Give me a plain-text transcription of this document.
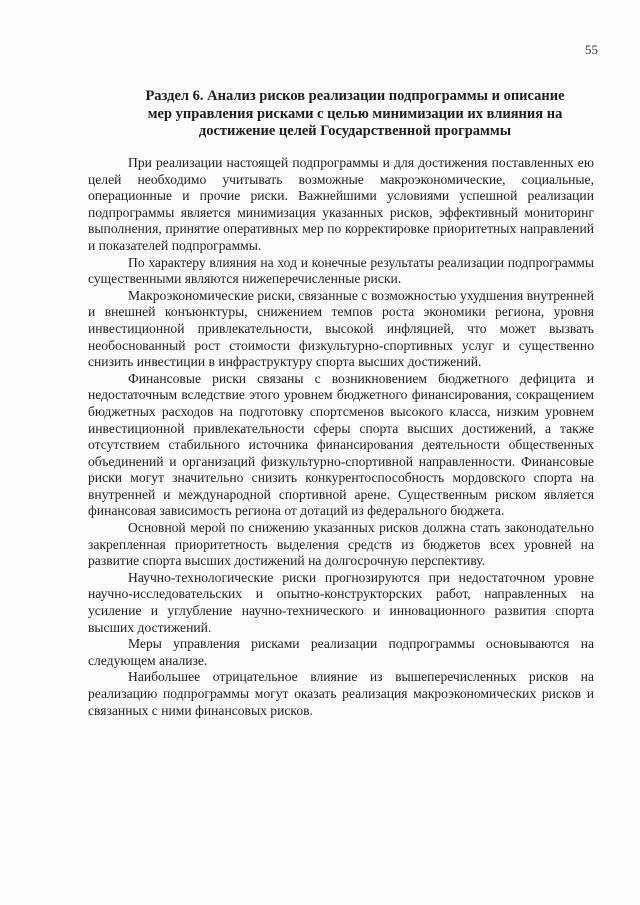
55
Раздел 6. Анализ рисков реализации подпрограммы и описание
мер управления рисками с целью минимизации их влияния на
достижение целей Государственной программы

При реализации настоящей подпрограммы и для достижения поставленных ею целей необходимо учитывать возможные макроэкономические, социальные, операционные и прочие риски. Важнейшими условиями успешной реализации подпрограммы является минимизация указанных рисков, эффективный мониторинг выполнения, принятие оперативных мер по корректировке приоритетных направлений и показателей подпрограммы.

По характеру влияния на ход и конечные результаты реализации подпрограммы существенными являются нижеперечисленные риски.

Макроэкономические риски, связанные с возможностью ухудшения внутренней и внешней конъюнктуры, снижением темпов роста экономики региона, уровня инвестиционной привлекательности, высокой инфляцией, что может вызвать необоснованный рост стоимости физкультурно-спортивных услуг и существенно снизить инвестиции в инфраструктуру спорта высших достижений.

Финансовые риски связаны с возникновением бюджетного дефицита и недостаточным вследствие этого уровнем бюджетного финансирования, сокращением бюджетных расходов на подготовку спортсменов высокого класса, низким уровнем инвестиционной привлекательности сферы спорта высших достижений, а также отсутствием стабильного источника финансирования деятельности общественных объединений и организаций физкультурно-спортивной направленности. Финансовые риски могут значительно снизить конкурентоспособность мордовского спорта на внутренней и международной спортивной арене. Существенным риском является финансовая зависимость региона от дотаций из федерального бюджета.

Основной мерой по снижению указанных рисков должна стать законодательно закрепленная приоритетность выделения средств из бюджетов всех уровней на развитие спорта высших достижений на долгосрочную перспективу.

Научно-технологические риски прогнозируются при недостаточном уровне научно-исследовательских и опытно-конструкторских работ, направленных на усиление и углубление научно-технического и инновационного развития спорта высших достижений.

Меры управления рисками реализации подпрограммы основываются на следующем анализе.

Наибольшее отрицательное влияние из вышеперечисленных рисков на реализацию подпрограммы могут оказать реализация макроэкономических рисков и связанных с ними финансовых рисков.
